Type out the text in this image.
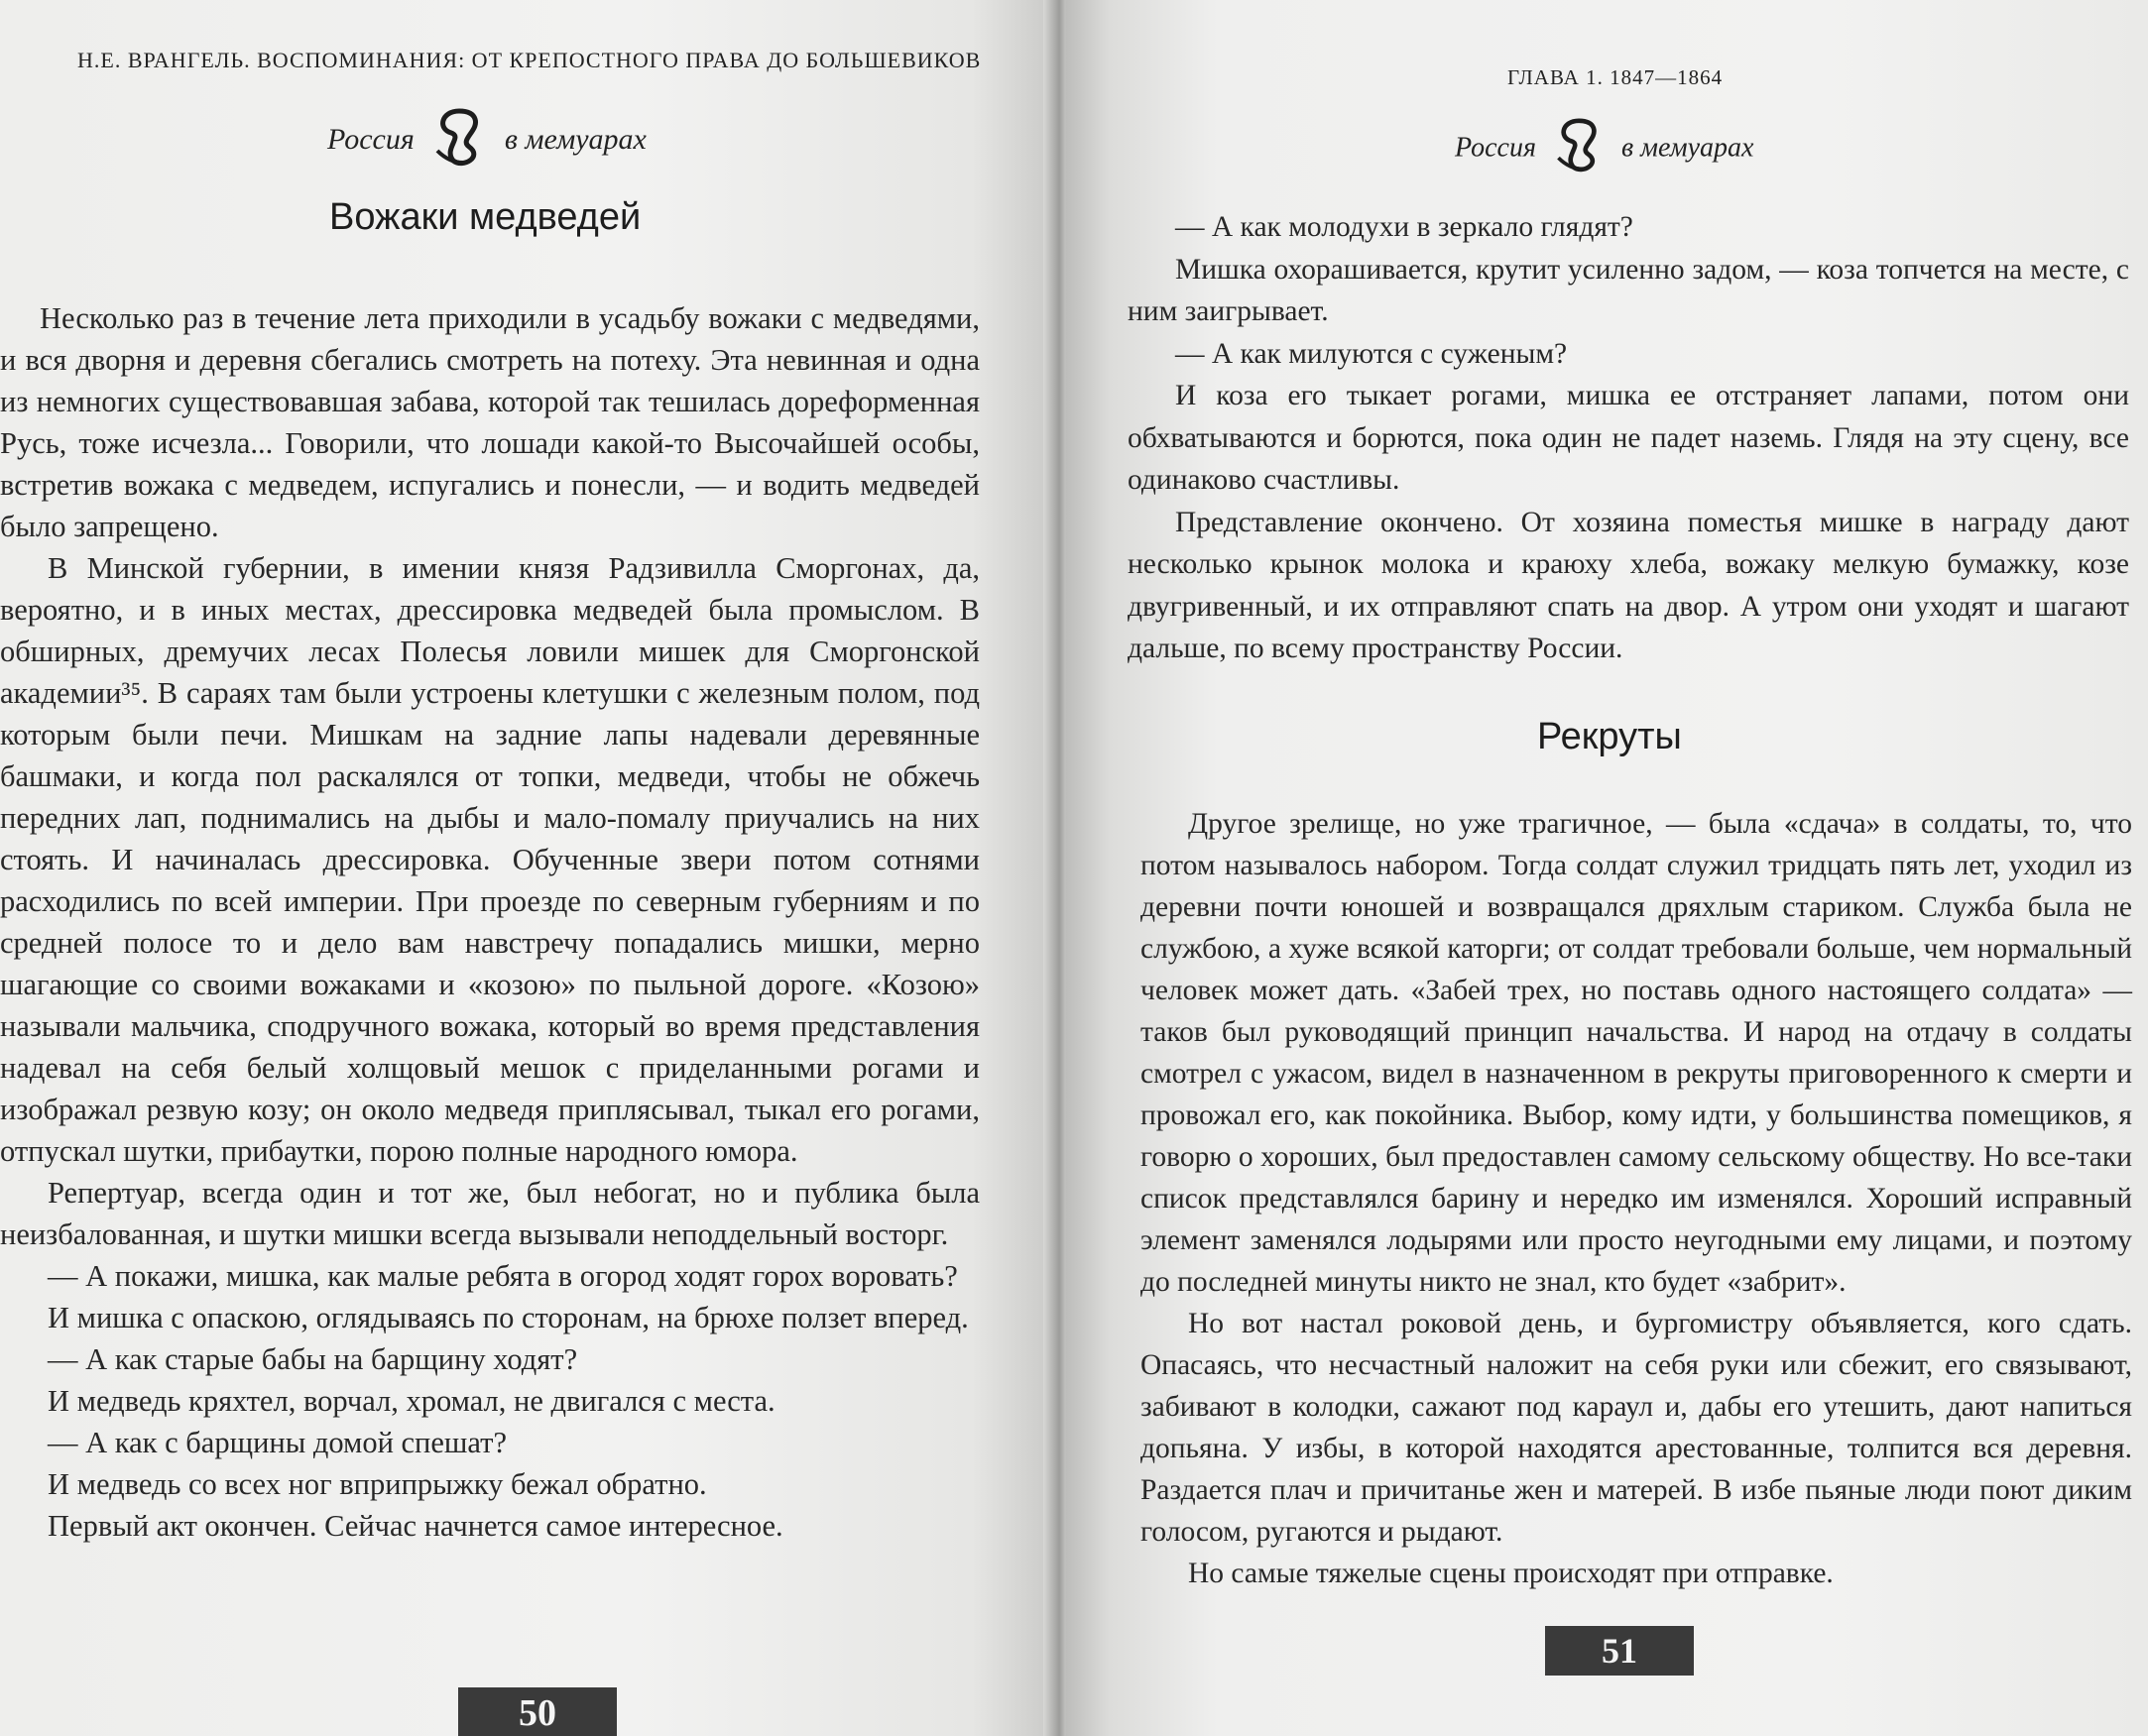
Н.Е. ВРАНГЕЛЬ. ВОСПОМИНАНИЯ: ОТ КРЕПОСТНОГО ПРАВА ДО БОЛЬШЕВИКОВ
Россия	в мемуарах
Вожаки медведей

Несколько раз в течение лета приходили в усадьбу вожаки с медведями, и вся дворня и деревня сбегались смотреть на потеху. Эта невинная и одна из немногих существовавшая забава, которой так тешилась дореформенная Русь, тоже исчезла... Говорили, что лошади какой-то Высочайшей особы, встретив вожака с медведем, испугались и понесли, — и водить медведей было запрещено.

В Минской губернии, в имении князя Радзивилла Сморгонах, да, вероятно, и в иных местах, дрессировка медведей была промыслом. В обширных, дремучих лесах Полесья ловили мишек для Сморгонской академии³⁵. В сараях там были устроены клетушки с железным полом, под которым были печи. Мишкам на задние лапы надевали деревянные башмаки, и когда пол раскалялся от топки, медведи, чтобы не обжечь передних лап, поднимались на дыбы и мало-помалу приучались на них стоять. И начиналась дрессировка. Обученные звери потом сотнями расходились по всей империи. При проезде по северным губерниям и по средней полосе то и дело вам навстречу попадались мишки, мерно шагающие со своими вожаками и «козою» по пыльной дороге. «Козою» называли мальчика, сподручного вожака, который во время представления надевал на себя белый холщовый мешок с приделанными рогами и изображал резвую козу; он около медведя приплясывал, тыкал его рогами, отпускал шутки, прибаутки, порою полные народного юмора.

Репертуар, всегда один и тот же, был небогат, но и публика была неизбалованная, и шутки мишки всегда вызывали неподдельный восторг.

— А покажи, мишка, как малые ребята в огород ходят горох воровать?

И мишка с опаскою, оглядываясь по сторонам, на брюхе ползет вперед.

— А как старые бабы на барщину ходят?

И медведь кряхтел, ворчал, хромал, не двигался с места.

— А как с барщины домой спешат?

И медведь со всех ног вприпрыжку бежал обратно.

Первый акт окончен. Сейчас начнется самое интересное.

50
ГЛАВА 1. 1847—1864
Россия	в мемуарах

— А как молодухи в зеркало глядят?

Мишка охорашивается, крутит усиленно задом, — коза топчется на месте, с ним заигрывает.

— А как милуются с суженым?

И коза его тыкает рогами, мишка ее отстраняет лапами, потом они обхватываются и борются, пока один не падет наземь. Глядя на эту сцену, все одинаково счастливы.

Представление окончено. От хозяина поместья мишке в награду дают несколько крынок молока и краюху хлеба, вожаку мелкую бумажку, козе двугривенный, и их отправляют спать на двор. А утром они уходят и шагают дальше, по всему пространству России.

Рекруты

Другое зрелище, но уже трагичное, — была «сдача» в солдаты, то, что потом называлось набором. Тогда солдат служил тридцать пять лет, уходил из деревни почти юношей и возвращался дряхлым стариком. Служба была не службою, а хуже всякой каторги; от солдат требовали больше, чем нормальный человек может дать. «Забей трех, но поставь одного настоящего солдата» — таков был руководящий принцип начальства. И народ на отдачу в солдаты смотрел с ужасом, видел в назначенном в рекруты приговоренного к смерти и провожал его, как покойника. Выбор, кому идти, у большинства помещиков, я говорю о хороших, был предоставлен самому сельскому обществу. Но все-таки список представлялся барину и нередко им изменялся. Хороший исправный элемент заменялся лодырями или просто неугодными ему лицами, и поэтому до последней минуты никто не знал, кто будет «забрит».

Но вот настал роковой день, и бургомистру объявляется, кого сдать. Опасаясь, что несчастный наложит на себя руки или сбежит, его связывают, забивают в колодки, сажают под караул и, дабы его утешить, дают напиться допьяна. У избы, в которой находятся арестованные, толпится вся деревня. Раздается плач и причитанье жен и матерей. В избе пьяные люди поют диким голосом, ругаются и рыдают.

Но самые тяжелые сцены происходят при отправке.

51
